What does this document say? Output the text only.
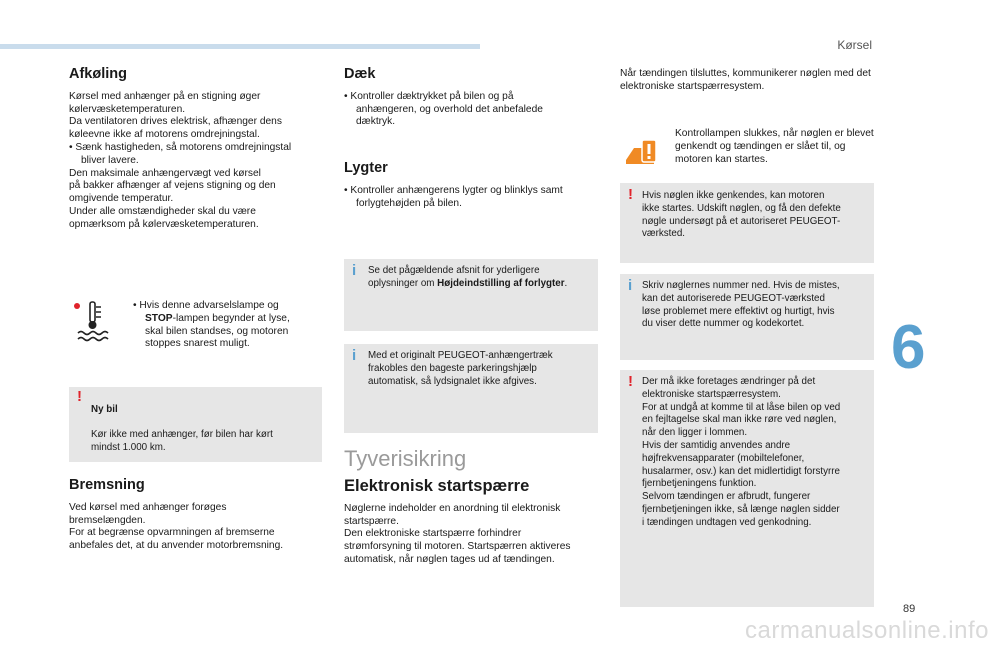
Kørsel
6
89
carmanualsonline.info
Afkøling

Kørsel med anhænger på en stigning øger
kølervæsketemperaturen.
Da ventilatoren drives elektrisk, afhænger dens
køleevne ikke af motorens omdrejningstal.

• Sænk hastigheden, så motorens omdrejningstal
bliver lavere.

Den maksimale anhængervægt ved kørsel
på bakker afhænger af vejens stigning og den
omgivende temperatur.
Under alle omstændigheder skal du være
opmærksom på kølervæsketemperaturen.

• Hvis denne advarselslampe og
STOP-lampen begynder at lyse,
skal bilen standses, og motoren
stoppes snarest muligt.

!

Ny bil

Kør ikke med anhænger, før bilen har kørt
mindst 1.000 km.

Bremsning

Ved kørsel med anhænger forøges
bremselængden.
For at begrænse opvarmningen af bremserne
anbefales det, at du anvender motorbremsning.

Dæk

• Kontroller dæktrykket på bilen og på
anhængeren, og overhold det anbefalede
dæktryk.

Lygter

• Kontroller anhængerens lygter og blinklys samt
forlygtehøjden på bilen.

i Se det pågældende afsnit for yderligere
oplysninger om Højdeindstilling af forlygter.
i Med et originalt PEUGEOT-anhængertræk
frakobles den bageste parkeringshjælp
automatisk, så lydsignalet ikke afgives.
Tyverisikring
Elektronisk startspærre

Nøglerne indeholder en anordning til elektronisk
startspærre.
Den elektroniske startspærre forhindrer
strømforsyning til motoren. Startspærren aktiveres
automatisk, når nøglen tages ud af tændingen.

Når tændingen tilsluttes, kommunikerer nøglen med det elektroniske startspærresystem.
Kontrollampen slukkes, når nøglen er blevet genkendt og tændingen er slået til, og motoren kan startes.
! Hvis nøglen ikke genkendes, kan motoren
ikke startes. Udskift nøglen, og få den defekte
nøgle undersøgt på et autoriseret PEUGEOT-
værksted.
i Skriv nøglernes nummer ned. Hvis de mistes,
kan det autoriserede PEUGEOT-værksted
løse problemet mere effektivt og hurtigt, hvis
du viser dette nummer og kodekortet.
! Der må ikke foretages ændringer på det
elektroniske startspærresystem.
For at undgå at komme til at låse bilen op ved
en fejltagelse skal man ikke røre ved nøglen,
når den ligger i lommen.
Hvis der samtidig anvendes andre
højfrekvensapparater (mobiltelefoner,
husalarmer, osv.) kan det midlertidigt forstyrre
fjernbetjeningens funktion.
Selvom tændingen er afbrudt, fungerer
fjernbetjeningen ikke, så længe nøglen sidder
i tændingen undtagen ved genkodning.
